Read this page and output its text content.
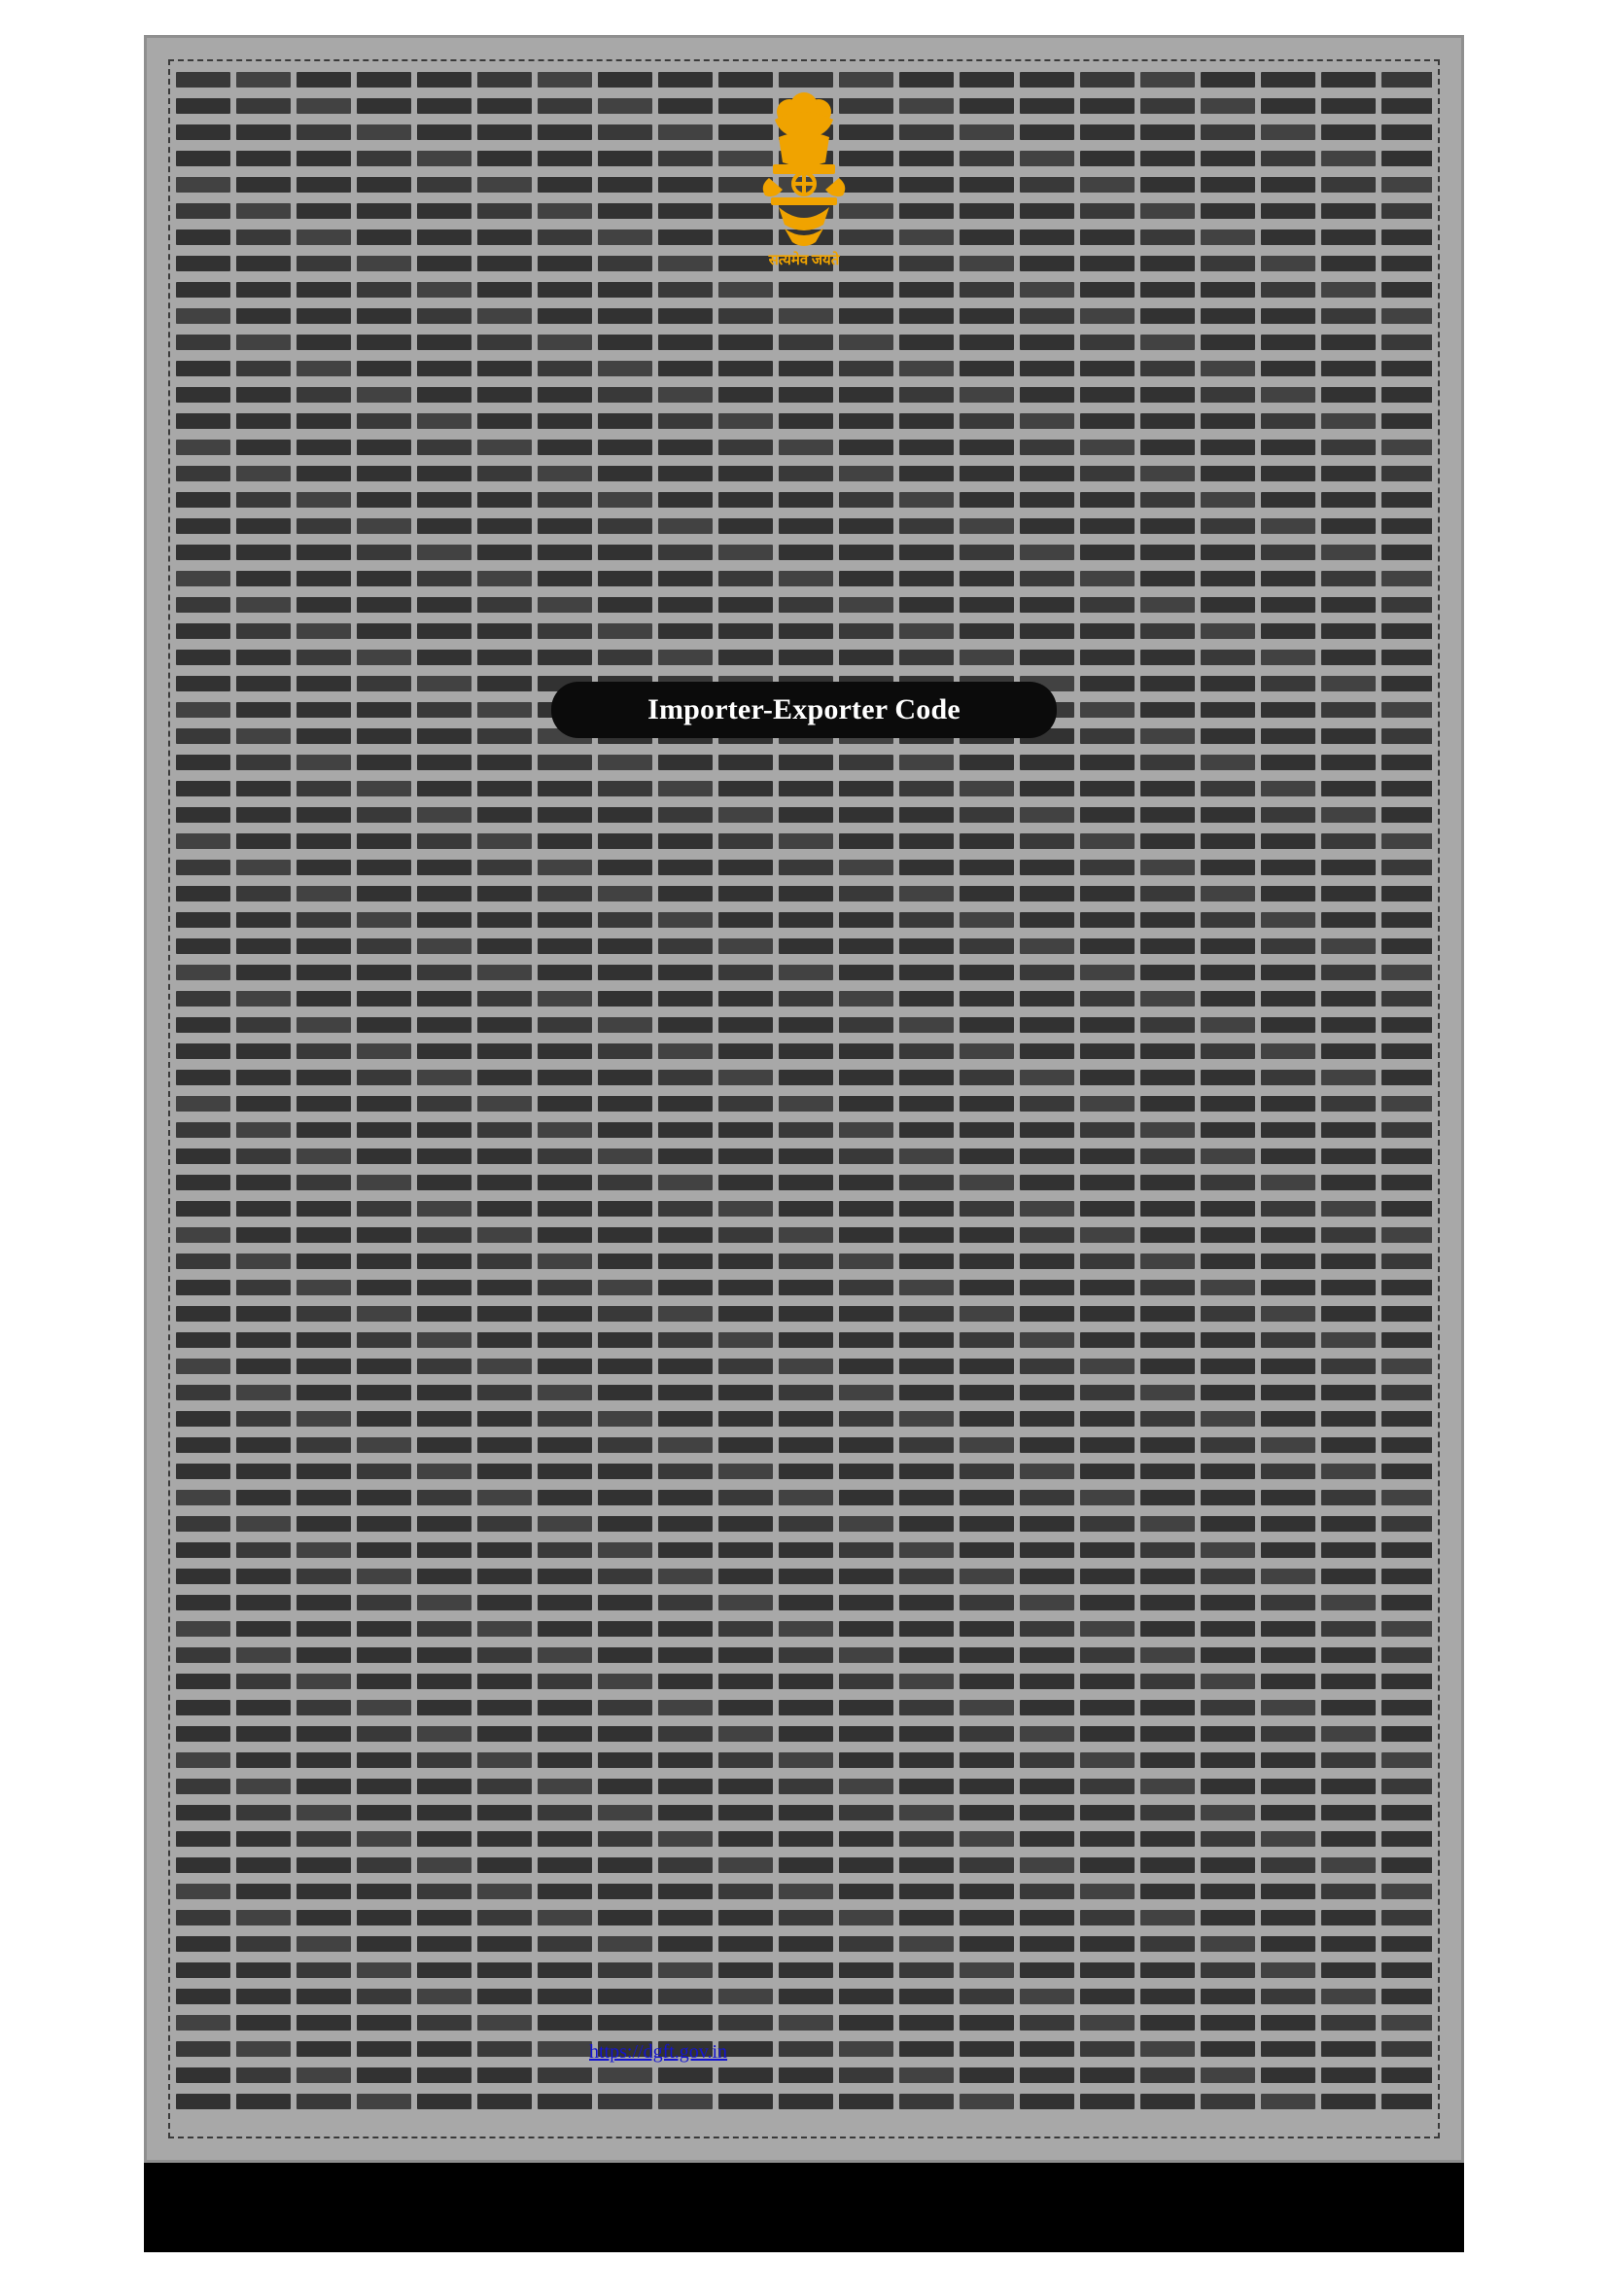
सत्यमेव जयते
Importer-Exporter Code
https://dgft.gov.in
